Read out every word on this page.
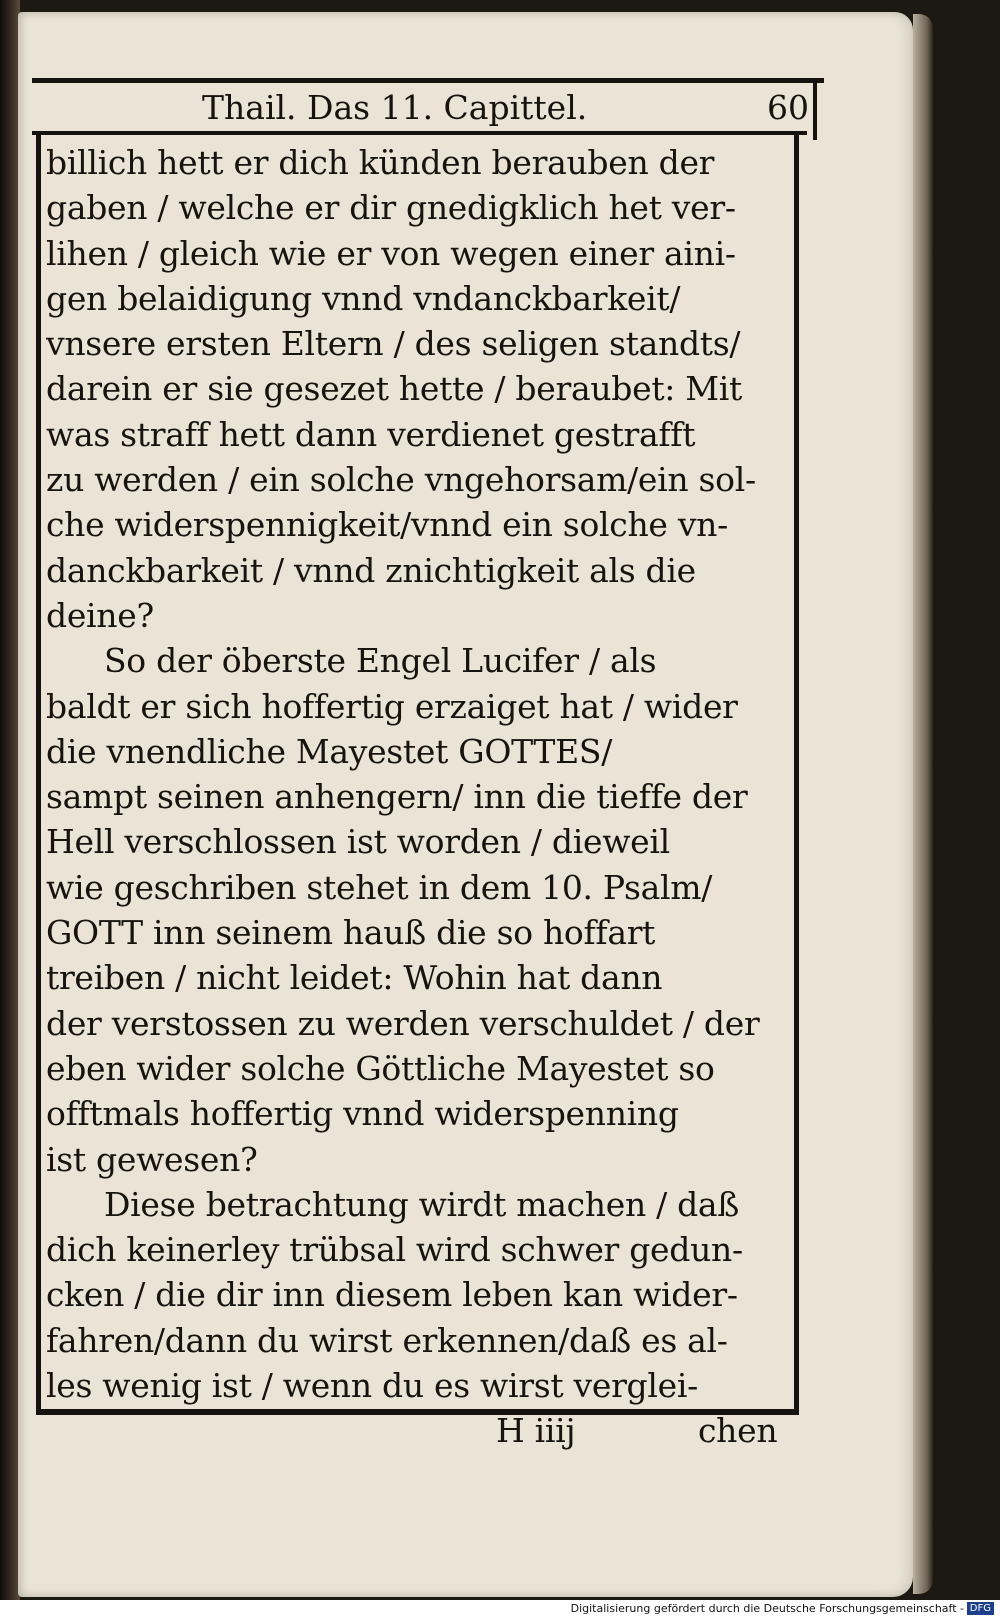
Thail. Das 11. Capittel.	60
billich hett er dich künden berauben der
gaben / welche er dir gnedigklich het ver-
lihen / gleich wie er von wegen einer aini-
gen belaidigung vnnd vndanckbarkeit/
vnsere ersten Eltern / des seligen standts/
darein er sie gesezet hette / beraubet: Mit
was straff hett dann verdienet gestrafft
zu werden / ein solche vngehorsam/ein sol-
che widerspennigkeit/vnnd ein solche vn-
danckbarkeit / vnnd znichtigkeit als die
deine?
So der öberste Engel Lucifer / als
baldt er sich hoffertig erzaiget hat / wider
die vnendliche Mayestet GOTTES/
sampt seinen anhengern/ inn die tieffe der
Hell verschlossen ist worden / dieweil
wie geschriben stehet in dem 10. Psalm/
GOTT inn seinem hauß die so hoffart
treiben / nicht leidet: Wohin hat dann
der verstossen zu werden verschuldet / der
eben wider solche Göttliche Mayestet so
offtmals hoffertig vnnd widerspenning
ist gewesen?
Diese betrachtung wirdt machen / daß
dich keinerley trübsal wird schwer gedun-
cken / die dir inn diesem leben kan wider-
fahren/dann du wirst erkennen/daß es al-
les wenig ist / wenn du es wirst verglei-
H iiij	chen
Digitalisierung gefördert durch die Deutsche Forschungsgemeinschaft - DFG
